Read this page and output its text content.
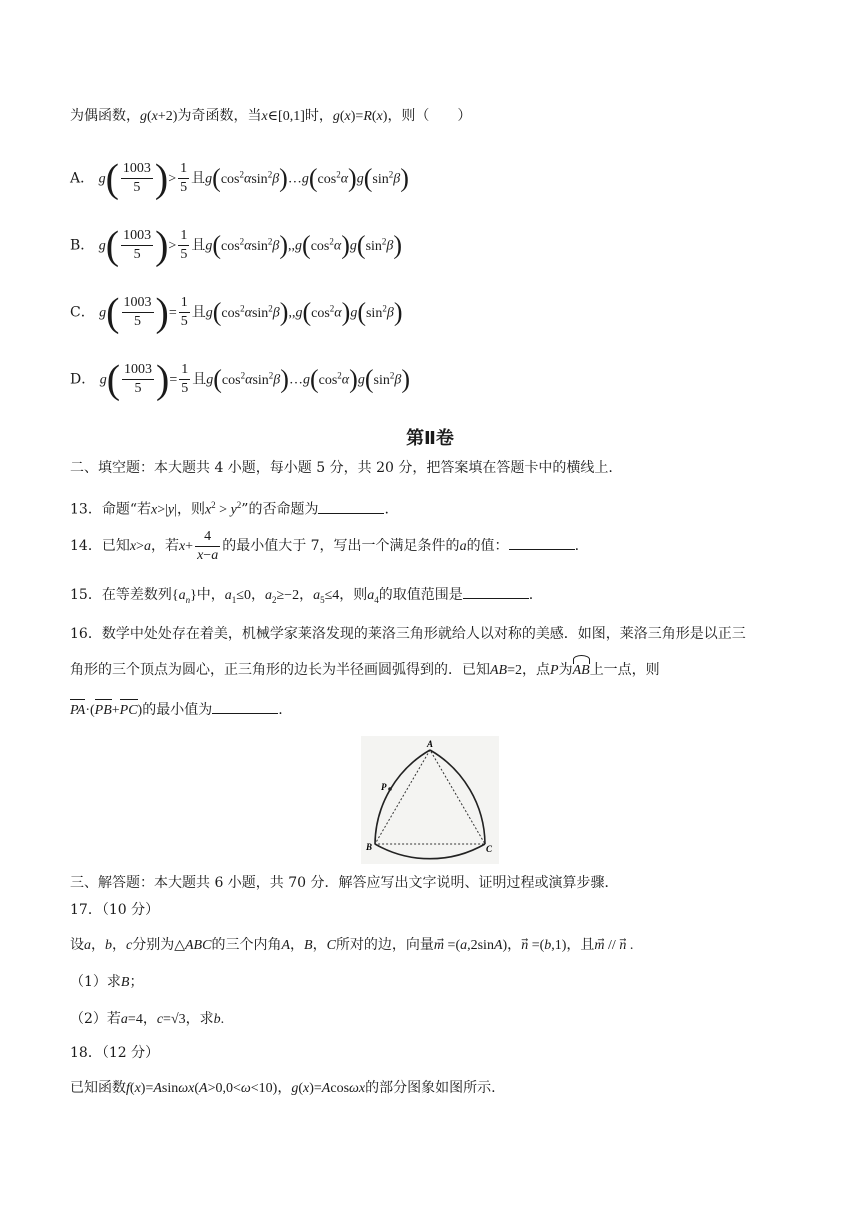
为偶函数，g(x+2)为奇函数，当x∈[0,1]时，g(x)=R(x)，则（　　）
A． $g( \frac{1003}{5}$ )> $\frac{1}{5}$ 且$g(\cos^2\alpha\sin^2\beta)\dots g(\cos^2\alpha)g(\sin^2\beta)$
B． $g( \frac{1003}{5}$ )> $\frac{1}{5}$ 且$g(\cos^2\alpha\sin^2\beta),,g(\cos^2\alpha)g(\sin^2\beta)$
C． $g( \frac{1003}{5}$ )= $\frac{1}{5}$ 且$g(\cos^2\alpha\sin^2\beta),,g(\cos^2\alpha)g(\sin^2\beta)$
D． $g( \frac{1003}{5}$ )= $\frac{1}{5}$ 且$g(\cos^2\alpha\sin^2\beta)\dots g(\cos^2\alpha)g(\sin^2\beta)$
第Ⅱ卷
二、填空题：本大题共 4 小题，每小题 5 分，共 20 分，把答案填在答题卡中的横线上.
13．命题“若x>|y|，则$x^2 > y^2$”的否命题为	.
14．已知x>a，若$x+ \frac{4}{x-a}$ 的最小值大于 7，写出一个满足条件的a的值：	.
15．在等差数列$\{a_n\}$中，$a_1\le 0$，$a_2\ge-2$，$a_5\le 4$，则$a_4$的取值范围是	.
16．数学中处处存在着美，机械学家莱洛发现的莱洛三角形就给人以对称的美感．如图，莱洛三角形是以正三
角形的三个顶点为圆心，正三角形的边长为半径画圆弧得到的．已知AB=2，点P为AB上一点，则
PA·(PB+PC)的最小值为	.
A
B	C
P
三、解答题：本大题共 6 小题，共 70 分．解答应写出文字说明、证明过程或演算步骤．
17．（10 分）
设a，b，c分别为△ABC的三个内角A，B，C所对的边，向量m⃗ =(a,2sinA)，n⃗ =(b,1)，且m⃗ // n⃗ .
（1）求B；
（2）若a=4，c=√3，求b.
18．（12 分）
已知函数f(x)=Asinωx(A>0,0<ω<10)，g(x)=Acosωx的部分图象如图所示.
